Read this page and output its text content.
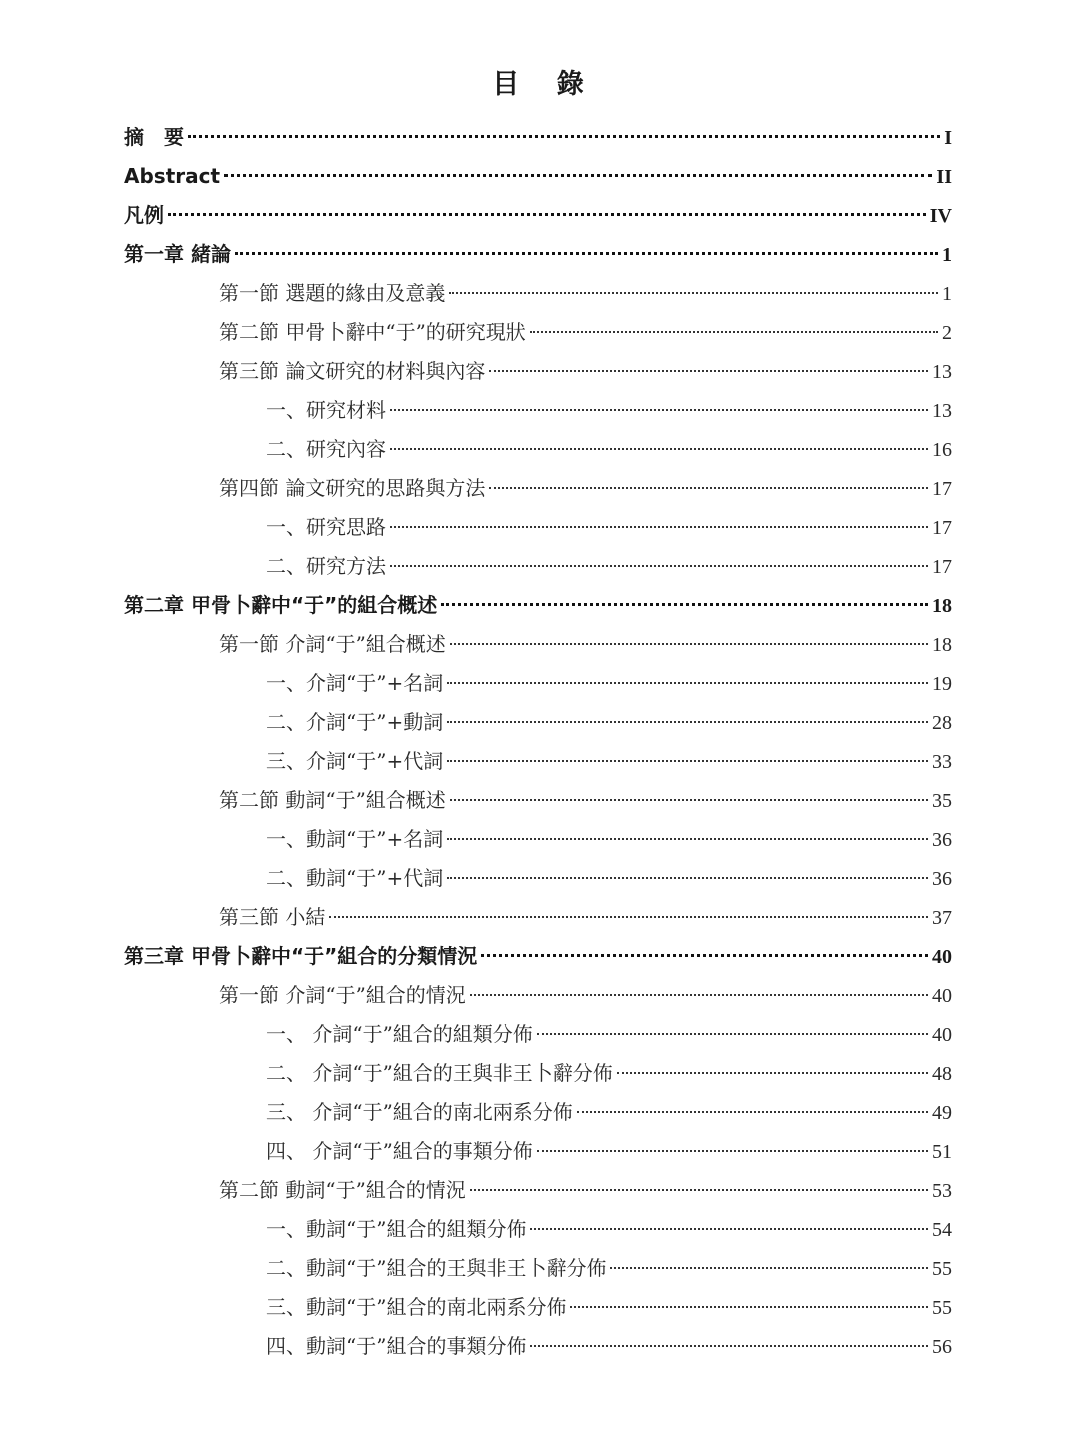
目 錄
摘　要	I
Abstract	II
凡例	IV
第一章 緒論	1
第一節 選題的緣由及意義	1
第二節 甲骨卜辭中“于”的研究現狀	2
第三節 論文研究的材料與內容	13
一、研究材料	13
二、研究內容	16
第四節 論文研究的思路與方法	17
一、研究思路	17
二、研究方法	17
第二章 甲骨卜辭中“于”的組合概述	18
第一節 介詞“于”組合概述	18
一、介詞“于”+名詞	19
二、介詞“于”+動詞	28
三、介詞“于”+代詞	33
第二節 動詞“于”組合概述	35
一、動詞“于”+名詞	36
二、動詞“于”+代詞	36
第三節 小結	37
第三章 甲骨卜辭中“于”組合的分類情況	40
第一節 介詞“于”組合的情況	40
一、 介詞“于”組合的組類分佈	40
二、 介詞“于”組合的王與非王卜辭分佈	48
三、 介詞“于”組合的南北兩系分佈	49
四、 介詞“于”組合的事類分佈	51
第二節 動詞“于”組合的情況	53
一、動詞“于”組合的組類分佈	54
二、動詞“于”組合的王與非王卜辭分佈	55
三、動詞“于”組合的南北兩系分佈	55
四、動詞“于”組合的事類分佈	56
